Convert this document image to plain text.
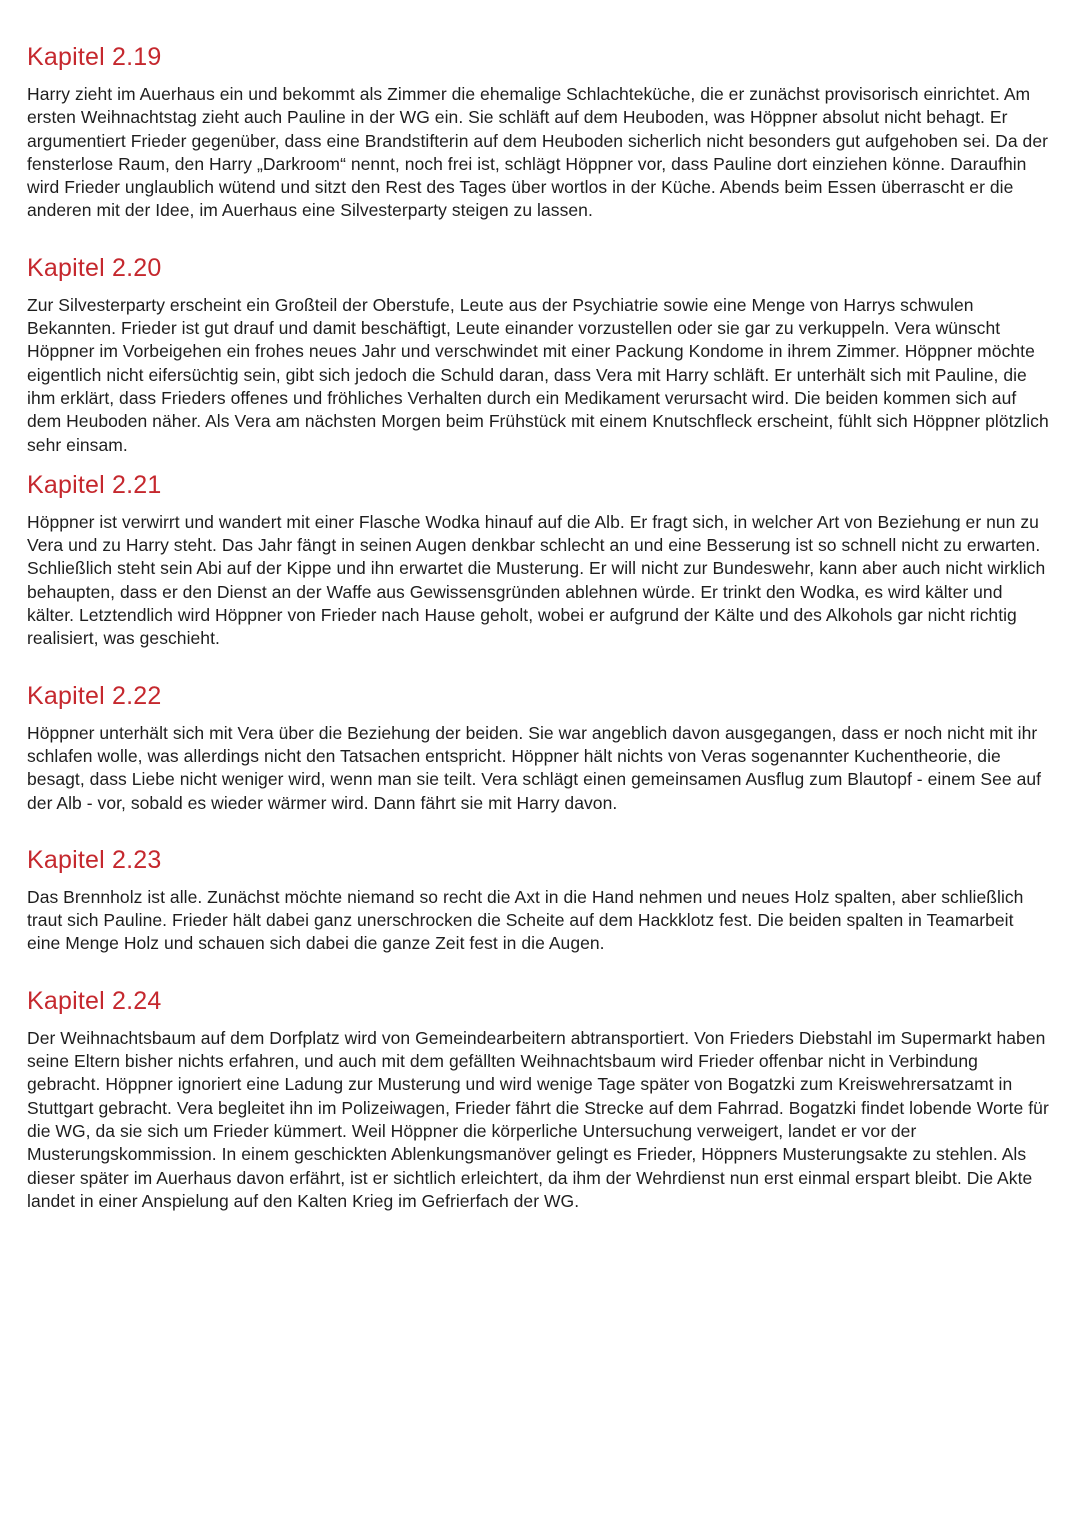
Kapitel 2.19

Harry zieht im Auerhaus ein und bekommt als Zimmer die ehemalige Schlachteküche, die er zunächst provisorisch einrichtet. Am ersten Weihnachtstag zieht auch Pauline in der WG ein. Sie schläft auf dem Heuboden, was Höppner absolut nicht behagt. Er argumentiert Frieder gegenüber, dass eine Brandstifterin auf dem Heuboden sicherlich nicht besonders gut aufgehoben sei. Da der fensterlose Raum, den Harry „Darkroom“ nennt, noch frei ist, schlägt Höppner vor, dass Pauline dort einziehen könne. Daraufhin wird Frieder unglaublich wütend und sitzt den Rest des Tages über wortlos in der Küche. Abends beim Essen überrascht er die anderen mit der Idee, im Auerhaus eine Silvesterparty steigen zu lassen.

Kapitel 2.20

Zur Silvesterparty erscheint ein Großteil der Oberstufe, Leute aus der Psychiatrie sowie eine Menge von Harrys schwulen Bekannten. Frieder ist gut drauf und damit beschäftigt, Leute einander vorzustellen oder sie gar zu verkuppeln. Vera wünscht Höppner im Vorbeigehen ein frohes neues Jahr und verschwindet mit einer Packung Kondome in ihrem Zimmer. Höppner möchte eigentlich nicht eifersüchtig sein, gibt sich jedoch die Schuld daran, dass Vera mit Harry schläft. Er unterhält sich mit Pauline, die ihm erklärt, dass Frieders offenes und fröhliches Verhalten durch ein Medikament verursacht wird. Die beiden kommen sich auf dem Heuboden näher. Als Vera am nächsten Morgen beim Frühstück mit einem Knutschfleck erscheint, fühlt sich Höppner plötzlich sehr einsam.

Kapitel 2.21

Höppner ist verwirrt und wandert mit einer Flasche Wodka hinauf auf die Alb. Er fragt sich, in welcher Art von Beziehung er nun zu Vera und zu Harry steht. Das Jahr fängt in seinen Augen denkbar schlecht an und eine Besserung ist so schnell nicht zu erwarten. Schließlich steht sein Abi auf der Kippe und ihn erwartet die Musterung. Er will nicht zur Bundeswehr, kann aber auch nicht wirklich behaupten, dass er den Dienst an der Waffe aus Gewissensgründen ablehnen würde. Er trinkt den Wodka, es wird kälter und kälter. Letztendlich wird Höppner von Frieder nach Hause geholt, wobei er aufgrund der Kälte und des Alkohols gar nicht richtig realisiert, was geschieht.

Kapitel 2.22

Höppner unterhält sich mit Vera über die Beziehung der beiden. Sie war angeblich davon ausgegangen, dass er noch nicht mit ihr schlafen wolle, was allerdings nicht den Tatsachen entspricht. Höppner hält nichts von Veras sogenannter Kuchentheorie, die besagt, dass Liebe nicht weniger wird, wenn man sie teilt. Vera schlägt einen gemeinsamen Ausflug zum Blautopf - einem See auf der Alb - vor, sobald es wieder wärmer wird. Dann fährt sie mit Harry davon.

Kapitel 2.23

Das Brennholz ist alle. Zunächst möchte niemand so recht die Axt in die Hand nehmen und neues Holz spalten, aber schließlich traut sich Pauline. Frieder hält dabei ganz unerschrocken die Scheite auf dem Hackklotz fest. Die beiden spalten in Teamarbeit eine Menge Holz und schauen sich dabei die ganze Zeit fest in die Augen.

Kapitel 2.24

Der Weihnachtsbaum auf dem Dorfplatz wird von Gemeindearbeitern abtransportiert. Von Frieders Diebstahl im Supermarkt haben seine Eltern bisher nichts erfahren, und auch mit dem gefällten Weihnachtsbaum wird Frieder offenbar nicht in Verbindung gebracht. Höppner ignoriert eine Ladung zur Musterung und wird wenige Tage später von Bogatzki zum Kreiswehrersatzamt in Stuttgart gebracht. Vera begleitet ihn im Polizeiwagen, Frieder fährt die Strecke auf dem Fahrrad. Bogatzki findet lobende Worte für die WG, da sie sich um Frieder kümmert. Weil Höppner die körperliche Untersuchung verweigert, landet er vor der Musterungskommission. In einem geschickten Ablenkungsmanöver gelingt es Frieder, Höppners Musterungsakte zu stehlen. Als dieser später im Auerhaus davon erfährt, ist er sichtlich erleichtert, da ihm der Wehrdienst nun erst einmal erspart bleibt. Die Akte landet in einer Anspielung auf den Kalten Krieg im Gefrierfach der WG.
